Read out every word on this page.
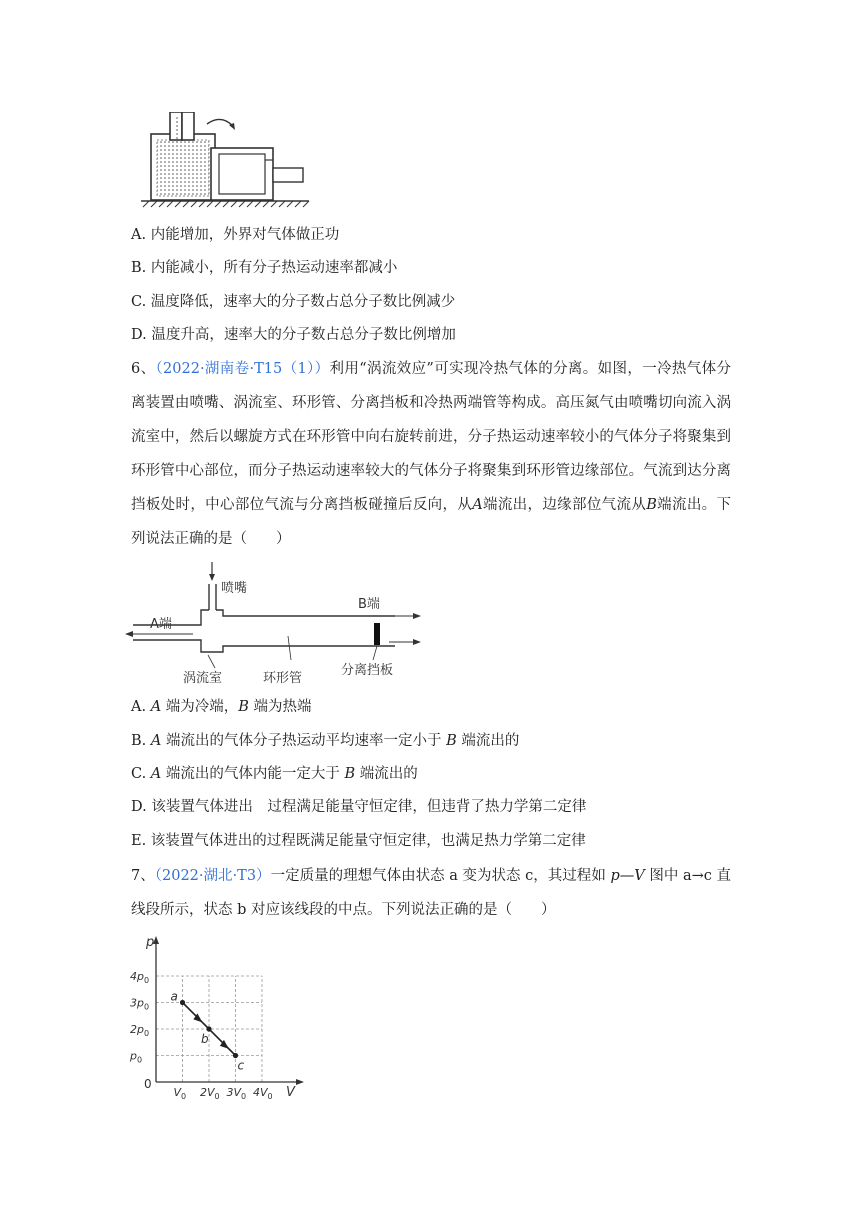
A. 内能增加，外界对气体做正功
B. 内能减小，所有分子热运动速率都减小
C. 温度降低，速率大的分子数占总分子数比例减少
D. 温度升高，速率大的分子数占总分子数比例增加
6、（2022·湖南卷·T15（1））利用“涡流效应”可实现冷热气体的分离。如图，一冷热气体分离装置由喷嘴、涡流室、环形管、分离挡板和冷热两端管等构成。高压氮气由喷嘴切向流入涡流室中，然后以螺旋方式在环形管中向右旋转前进，分子热运动速率较小的气体分子将聚集到环形管中心部位，而分子热运动速率较大的气体分子将聚集到环形管边缘部位。气流到达分离挡板处时，中心部位气流与分离挡板碰撞后反向，从A端流出，边缘部位气流从B端流出。下列说法正确的是（　　）
喷嘴
A端
B端
涡流室	环形管
分离挡板
A. A 端为冷端，B 端为热端
B. A 端流出的气体分子热运动平均速率一定小于 B 端流出的
C. A 端流出的气体内能一定大于 B 端流出的
D. 该装置气体进出　过程满足能量守恒定律，但违背了热力学第二定律
E. 该装置气体进出的过程既满足能量守恒定律，也满足热力学第二定律
7、（2022·湖北·T3）一定质量的理想气体由状态 a 变为状态 c，其过程如 p—V 图中 a→c 直线段所示，状态 b 对应该线段的中点。下列说法正确的是（　　）
p
V
0
$V_0$ $2V_0$ $3V_0$ $4V_0$
$p_0$
$2p_0$
$3p_0$
$4p_0$
a
b
c
